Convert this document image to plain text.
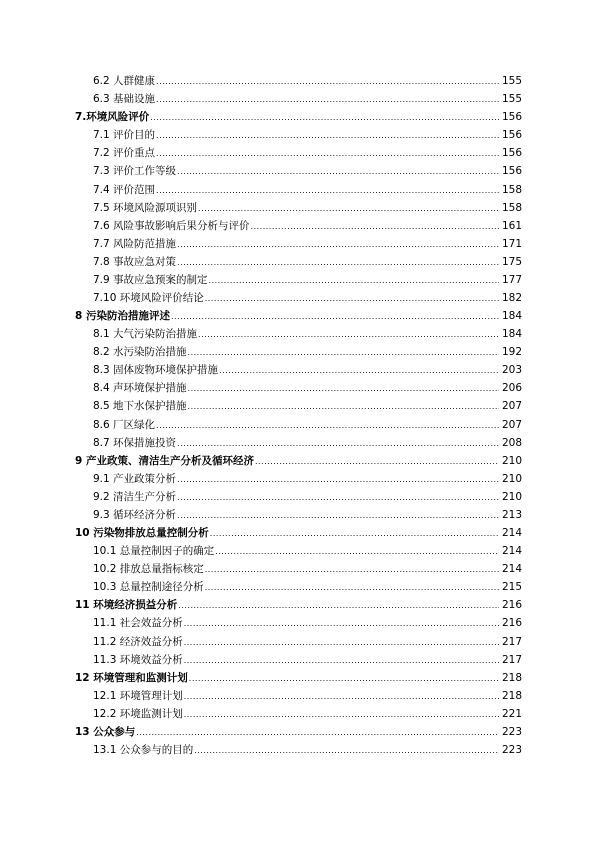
6.2 人群健康 .....	155
6.3 基础设施 .....	155
7.环境风险评价 .....	156
7.1 评价目的 .....	156
7.2 评价重点 .....	156
7.3 评价工作等级 .....	156
7.4 评价范围 .....	158
7.5 环境风险源项识别 .....	158
7.6 风险事故影响后果分析与评价 .....	161
7.7 风险防范措施 .....	171
7.8 事故应急对策 .....	175
7.9 事故应急预案的制定 .....	177
7.10 环境风险评价结论 .....	182
8 污染防治措施评述 .....	184
8.1 大气污染防治措施 .....	184
8.2 水污染防治措施 .....	192
8.3 固体废物环境保护措施 .....	203
8.4 声环境保护措施 .....	206
8.5 地下水保护措施 .....	207
8.6 厂区绿化 .....	207
8.7 环保措施投资 .....	208
9 产业政策、清洁生产分析及循环经济 .....	210
9.1 产业政策分析 .....	210
9.2 清洁生产分析 .....	210
9.3 循环经济分析 .....	213
10 污染物排放总量控制分析 .....	214
10.1 总量控制因子的确定 .....	214
10.2 排放总量指标核定 .....	214
10.3 总量控制途径分析 .....	215
11 环境经济损益分析 .....	216
11.1 社会效益分析 .....	216
11.2 经济效益分析 .....	217
11.3 环境效益分析 .....	217
12 环境管理和监测计划 .....	218
12.1 环境管理计划 .....	218
12.2 环境监测计划 .....	221
13 公众参与 .....	223
13.1 公众参与的目的 .....	223
